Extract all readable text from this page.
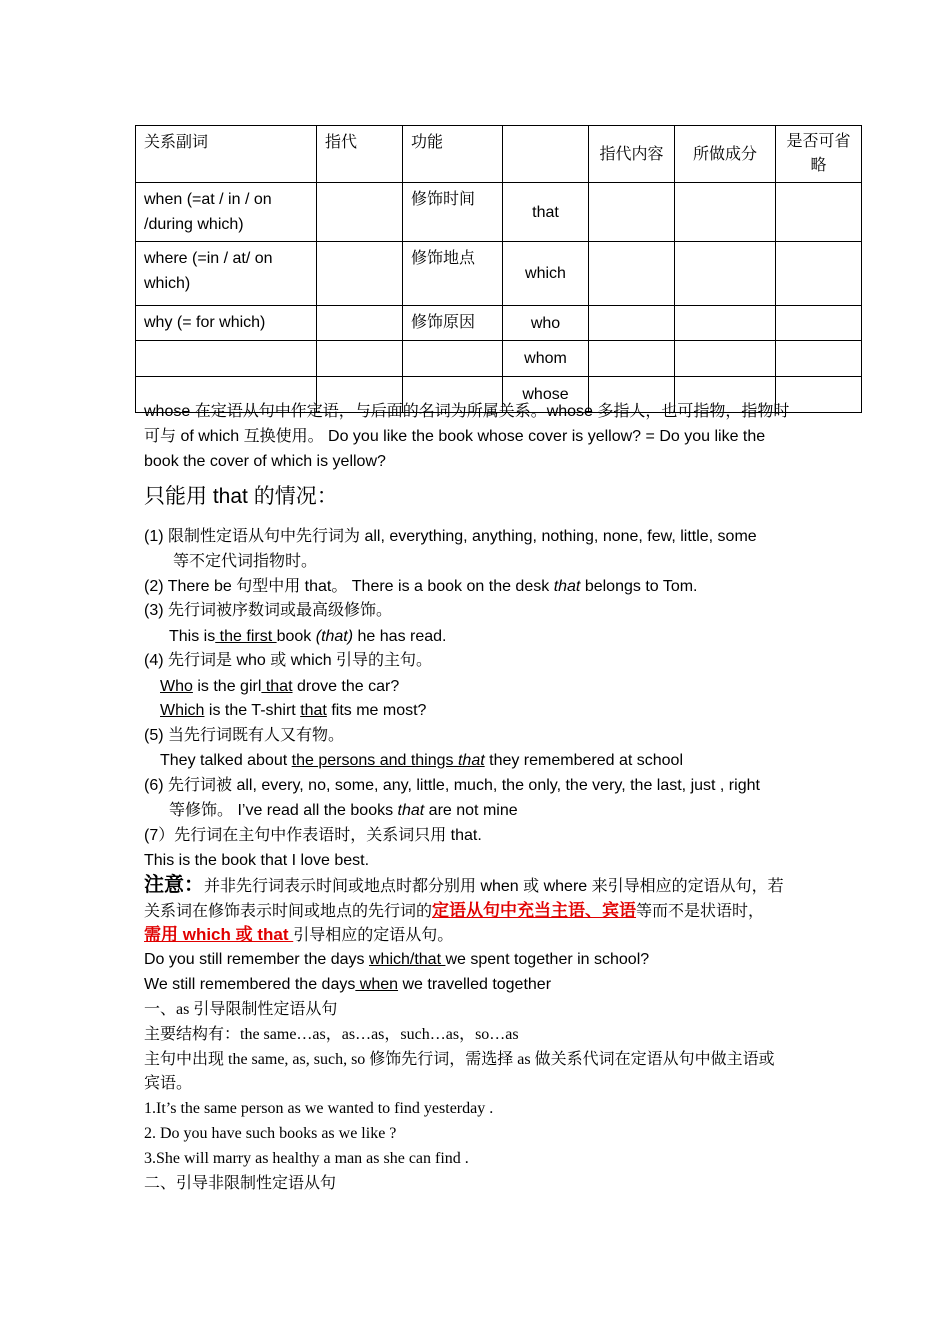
关系副词	指代	功能		指代内容	所做成分	是否可省略
when (=at / in / on /during which)		修饰时间	that			
where (=in / at/ on which)		修饰地点	which			
why (= for which)		修饰原因	who			
			whom			
			whose			
whose 在定语从句中作定语，与后面的名词为所属关系。whose 多指人，也可指物，指物时
可与 of which 互换使用。 Do you like the book whose cover is yellow? = Do you like the
book the cover of which is yellow?
只能用 that 的情况：
(1) 限制性定语从句中先行词为 all, everything, anything, nothing, none, few, little, some
等不定代词指物时。
(2) There be 句型中用 that。 There is a book on the desk that belongs to Tom.
(3) 先行词被序数词或最高级修饰。
This is the first book (that) he has read.
(4) 先行词是 who 或 which 引导的主句。
Who is the girl that drove the car?
Which is the T-shirt that fits me most?
(5) 当先行词既有人又有物。
They talked about the persons and things that they remembered at school
(6) 先行词被 all, every, no, some, any, little, much, the only, the very, the last, just , right
等修饰。 I’ve read all the books that are not mine
(7）先行词在主句中作表语时，关系词只用 that.
This is the book that I love best.
注意：并非先行词表示时间或地点时都分别用 when 或 where 来引导相应的定语从句，若
关系词在修饰表示时间或地点的先行词的定语从句中充当主语、宾语等而不是状语时，
需用 which 或 that 引导相应的定语从句。
Do you still remember the days which/that we spent together in school?
We still remembered the days when we travelled together
一、as 引导限制性定语从句
主要结构有：the same…as，as…as，such…as，so…as
主句中出现 the same, as, such, so 修饰先行词，需选择 as 做关系代词在定语从句中做主语或
宾语。
1.It’s the same person as we wanted to find yesterday .
2. Do you have such books as we like ?
3.She will marry as healthy a man as she can find .
二、引导非限制性定语从句
